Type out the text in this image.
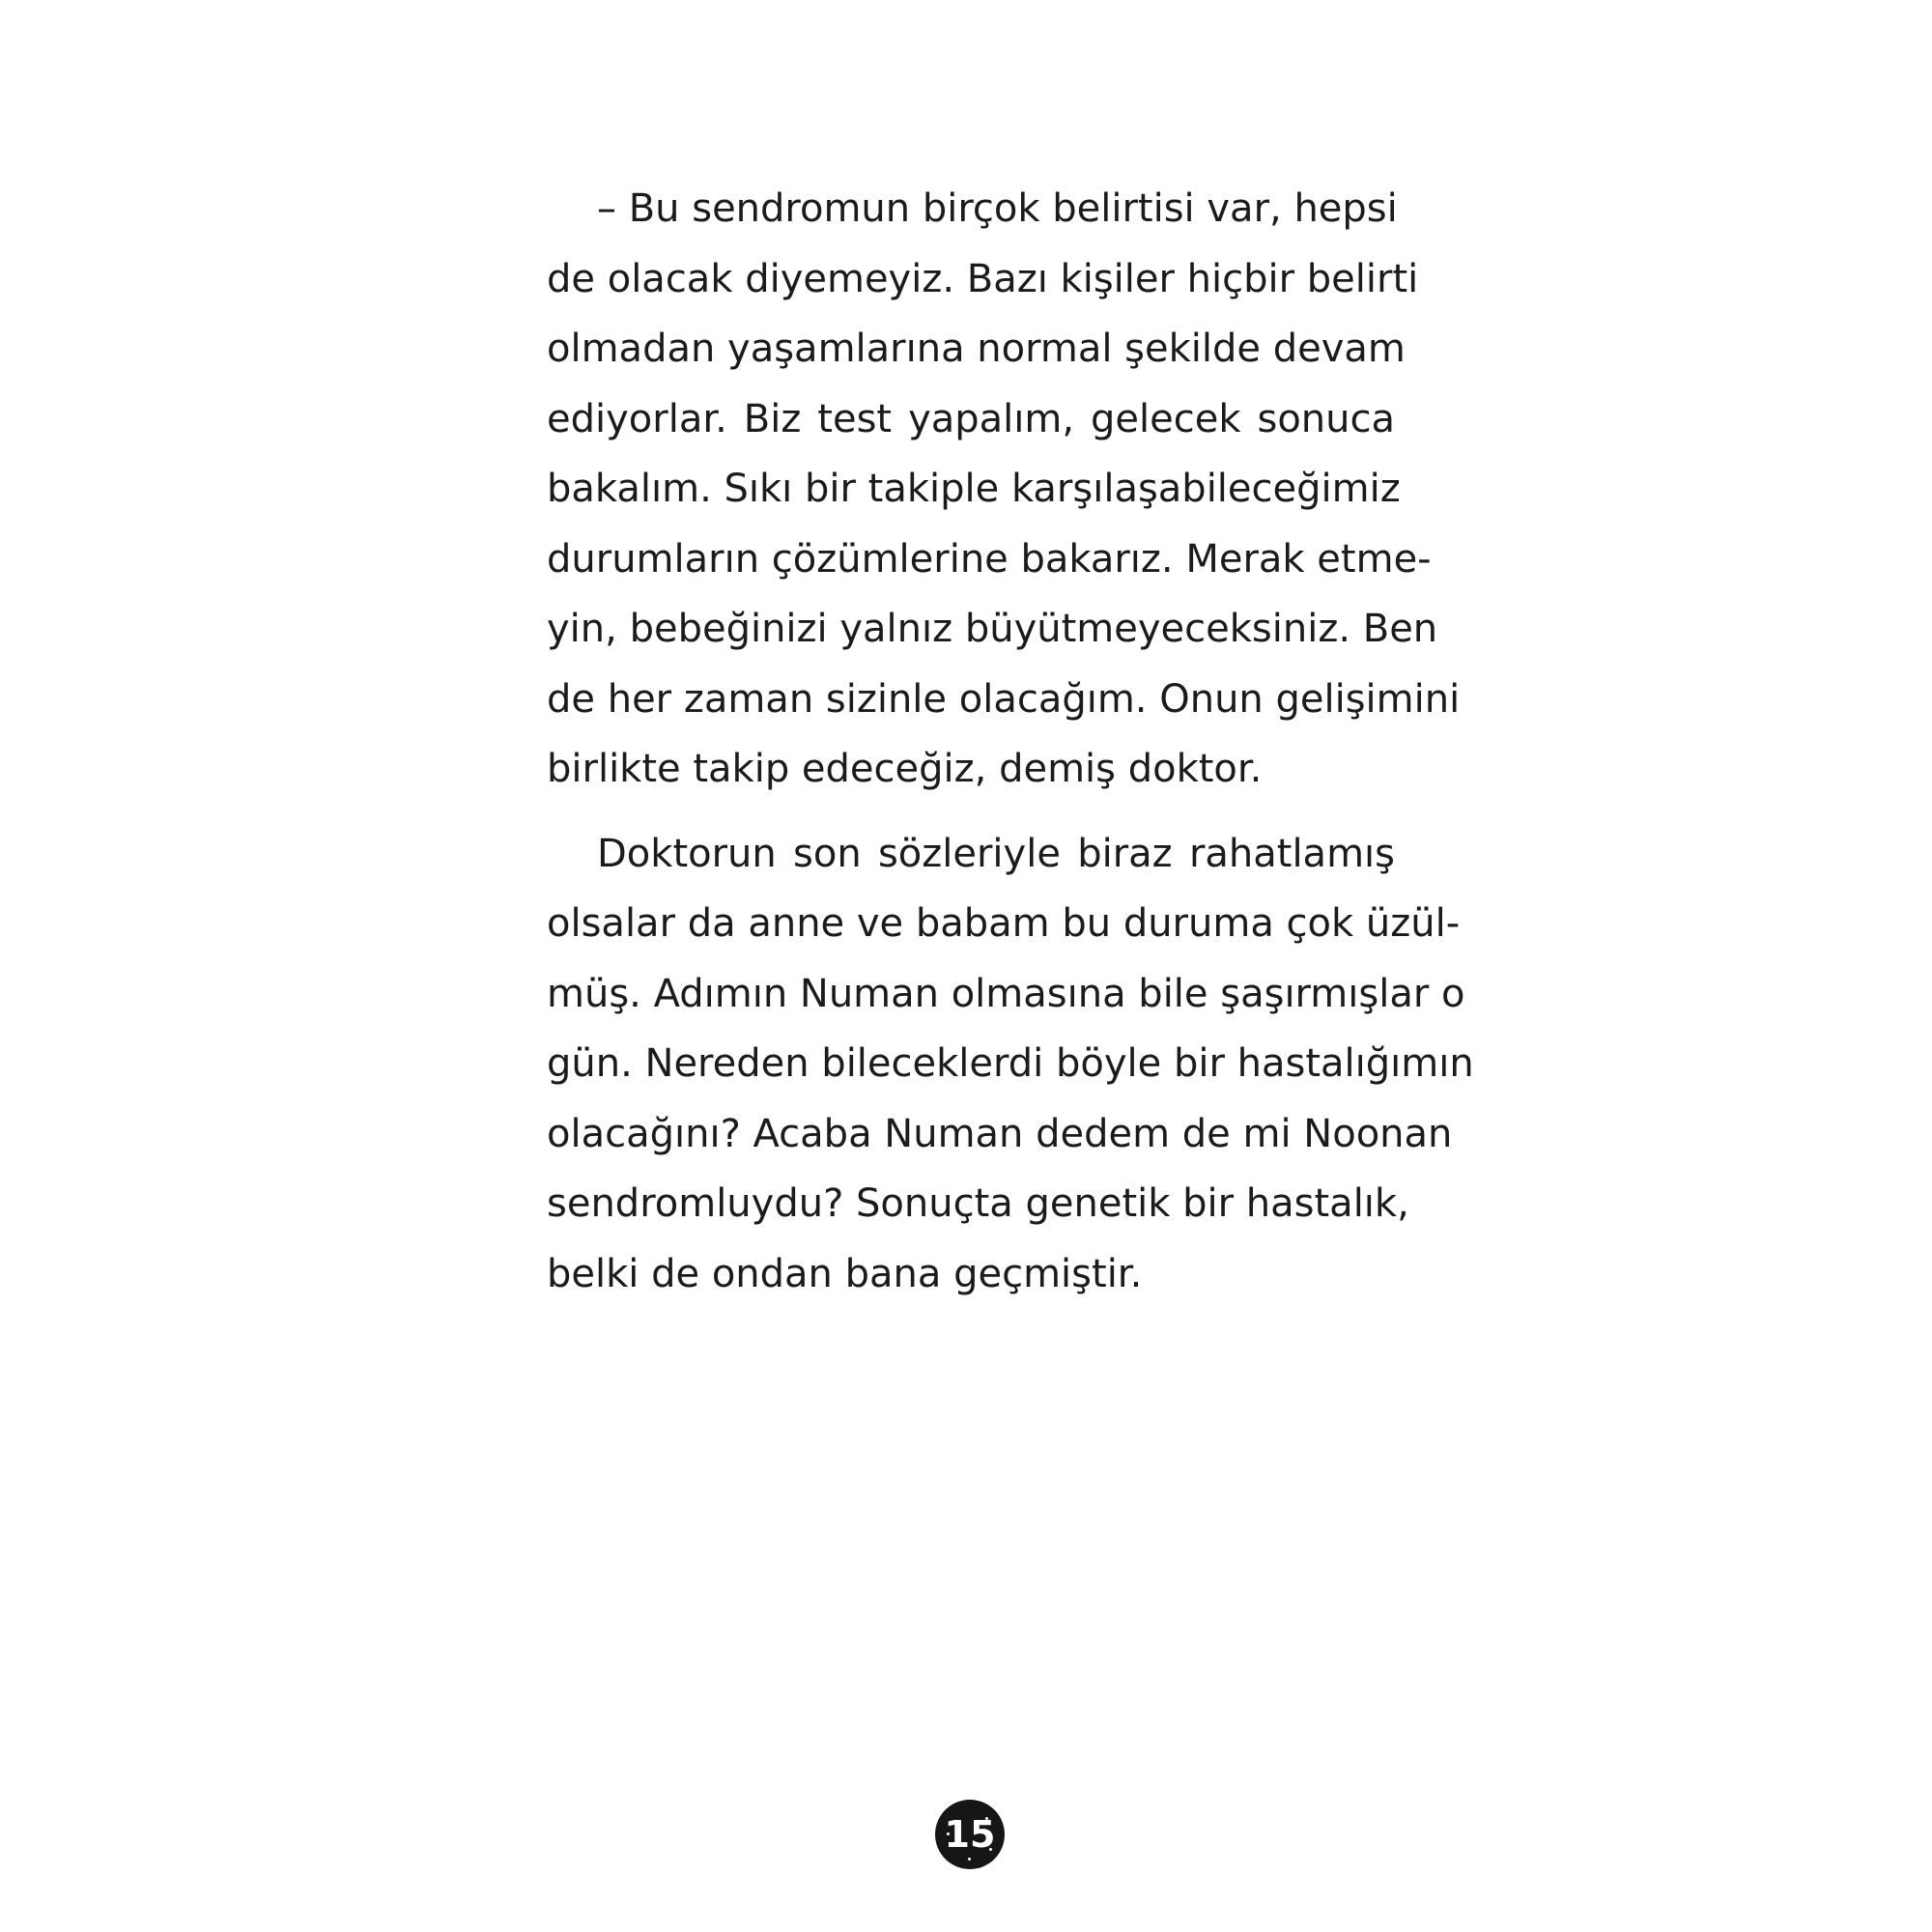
– Bu sendromun birçok belirtisi var, hepsi
de olacak diyemeyiz. Bazı kişiler hiçbir belirti
olmadan yaşamlarına normal şekilde devam
ediyorlar. Biz test yapalım, gelecek sonuca
bakalım. Sıkı bir takiple karşılaşabileceğimiz
durumların çözümlerine bakarız. Merak etme-
yin, bebeğinizi yalnız büyütmeyeceksiniz. Ben
de her zaman sizinle olacağım. Onun gelişimini
birlikte takip edeceğiz, demiş doktor.
Doktorun son sözleriyle biraz rahatlamış
olsalar da anne ve babam bu duruma çok üzül-
müş. Adımın Numan olmasına bile şaşırmışlar o
gün. Nereden bileceklerdi böyle bir hastalığımın
olacağını? Acaba Numan dedem de mi Noonan
sendromluydu? Sonuçta genetik bir hastalık,
belki de ondan bana geçmiştir.
15
